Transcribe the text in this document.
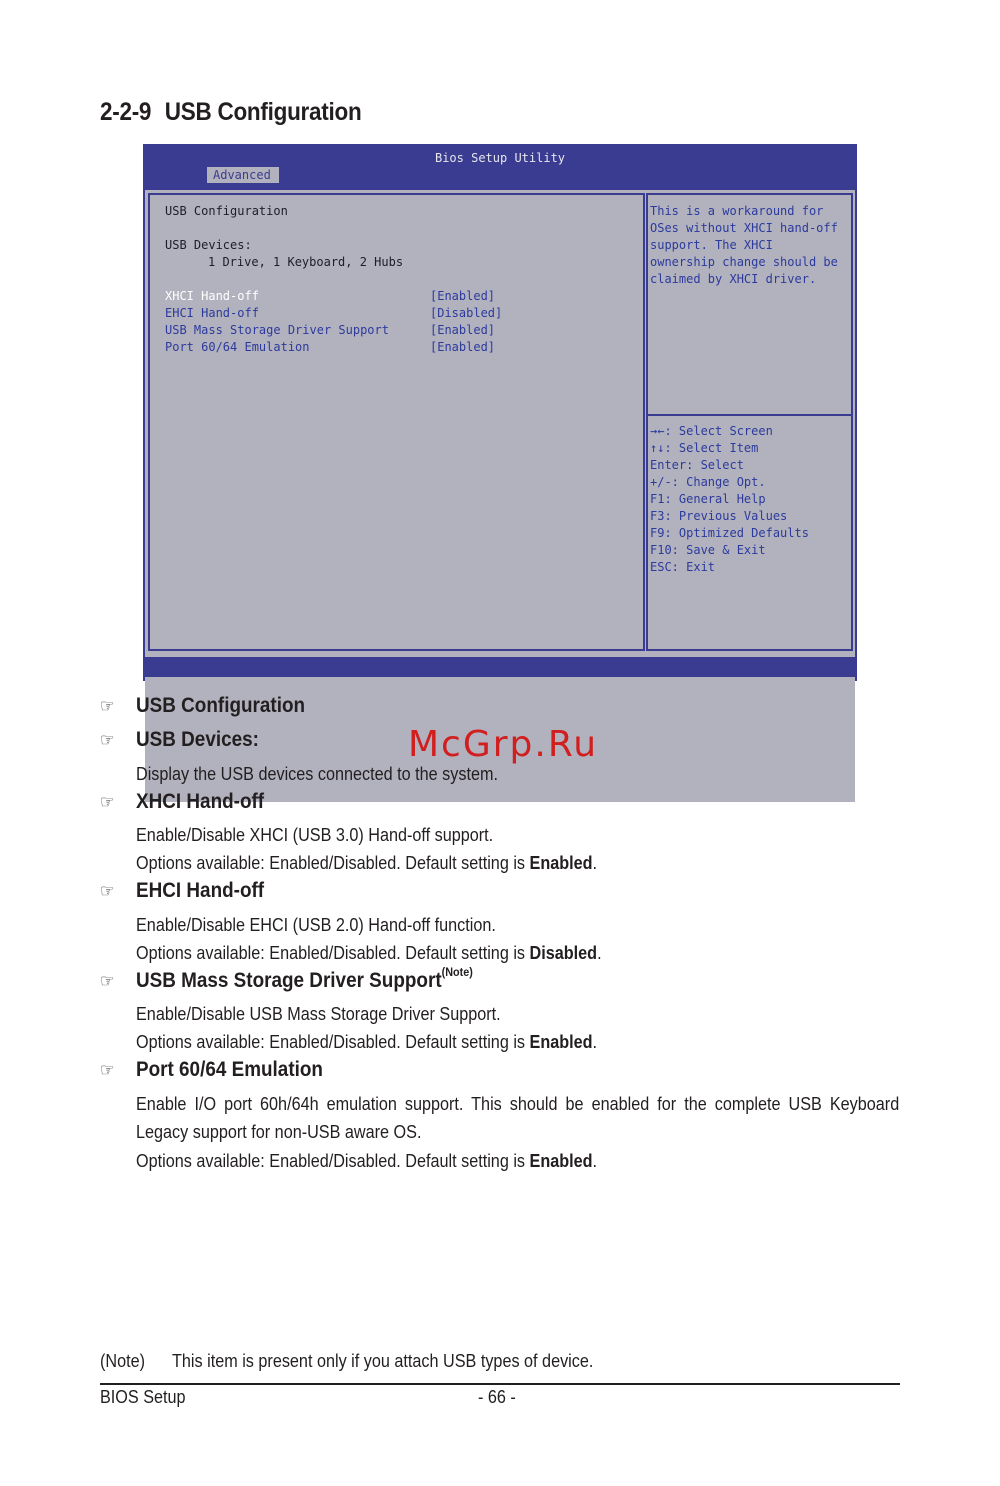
2-2-9 USB Configuration
Bios Setup Utility
Advanced
USB Configuration
USB Devices:
1 Drive, 1 Keyboard, 2 Hubs
XHCI Hand-off	[Enabled]
EHCI Hand-off	[Disabled]
USB Mass Storage Driver Support	[Enabled]
Port 60/64 Emulation	[Enabled]
This is a workaround for
OSes without XHCI hand-off
support. The XHCI
ownership change should be
claimed by XHCI driver.
→←: Select Screen
↑↓: Select Item
Enter: Select
+/-: Change Opt.
F1: General Help
F3: Previous Values
F9: Optimized Defaults
F10: Save & Exit
ESC: Exit
☞ USB Configuration
☞ USB Devices:	McGrp.Ru
Display the USB devices connected to the system.
☞ XHCI Hand-off
Enable/Disable XHCI (USB 3.0) Hand-off support.
Options available: Enabled/Disabled. Default setting is Enabled.
☞ EHCI Hand-off
Enable/Disable EHCI (USB 2.0) Hand-off function.
Options available: Enabled/Disabled. Default setting is Disabled.
☞ USB Mass Storage Driver Support$^{(Note)}$
Enable/Disable USB Mass Storage Driver Support.
Options available: Enabled/Disabled. Default setting is Enabled.
☞ Port 60/64 Emulation
Enable I/O port 60h/64h emulation support. This should be enabled for the complete USB Keyboard Legacy support for non-USB aware OS.
Options available: Enabled/Disabled. Default setting is Enabled.
(Note) This item is present only if you attach USB types of device.
BIOS Setup	- 66 -
